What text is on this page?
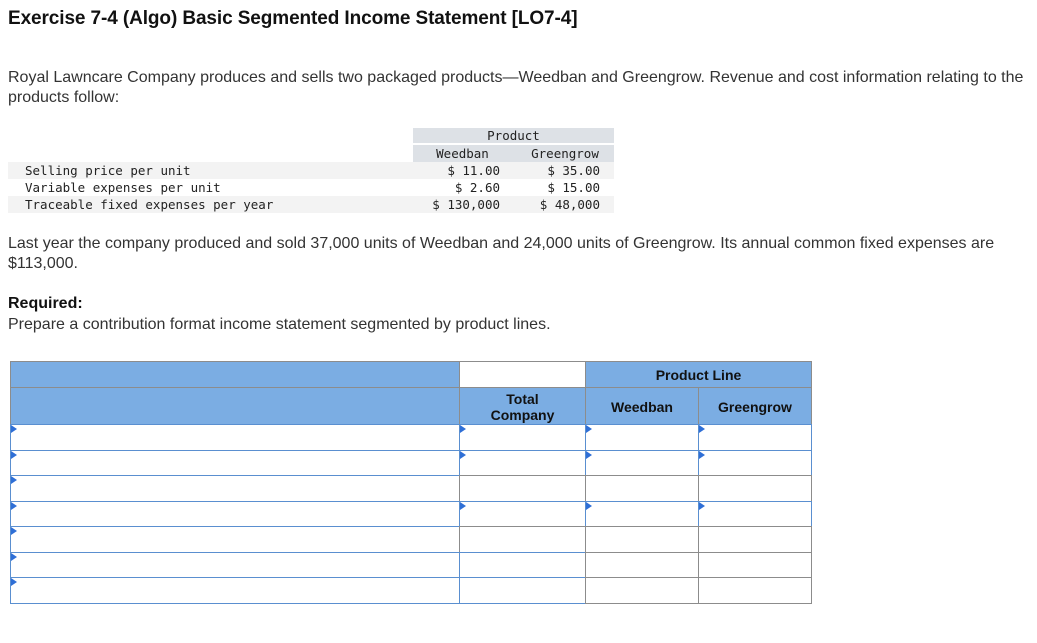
Exercise 7-4 (Algo) Basic Segmented Income Statement [LO7-4]
Royal Lawncare Company produces and sells two packaged products—Weedban and Greengrow. Revenue and cost information relating to the products follow:
Product
Weedban	Greengrow
Selling price per unit	$ 11.00	$ 35.00
Variable expenses per unit	$ 2.60	$ 15.00
Traceable fixed expenses per year	$ 130,000	$ 48,000
Last year the company produced and sold 37,000 units of Weedban and 24,000 units of Greengrow. Its annual common fixed expenses are $113,000.
Required:
Prepare a contribution format income statement segmented by product lines.
Product Line
Total
Company	Weedban	Greengrow
